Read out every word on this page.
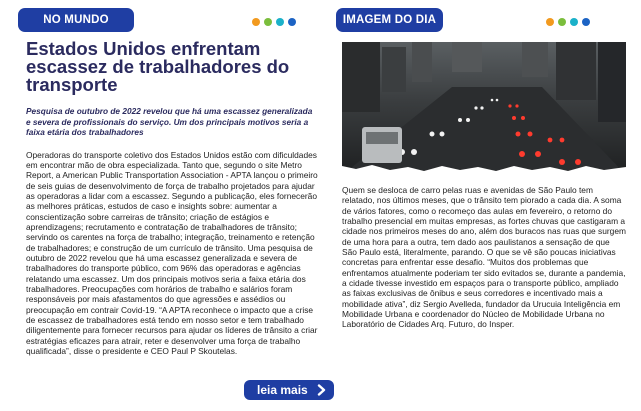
NO MUNDO
Estados Unidos enfrentam escassez de trabalhadores do transporte

Pesquisa de outubro de 2022 revelou que há uma escassez generalizada e severa de profissionais do serviço. Um dos principais motivos seria a faixa etária dos trabalhadores

Operadoras do transporte coletivo dos Estados Unidos estão com dificuldades em encontrar mão de obra especializada. Tanto que, segundo o site Metro Report, a American Public Transportation Association - APTA lançou o primeiro de seis guias de desenvolvimento de força de trabalho projetados para ajudar as operadoras a lidar com a escassez. Segundo a publicação, eles fornecerão as melhores práticas, estudos de caso e insights sobre: aumentar a conscientização sobre carreiras de trânsito; criação de estágios e aprendizagens; recrutamento e contratação de trabalhadores de trânsito; servindo os carentes na força de trabalho; integração, treinamento e retenção de trabalhadores; e construção de um currículo de trânsito. Uma pesquisa de outubro de 2022 revelou que há uma escassez generalizada e severa de trabalhadores do transporte público, com 96% das operadoras e agências relatando uma escassez. Um dos principais motivos seria a faixa etária dos trabalhadores. Preocupações com horários de trabalho e salários foram responsáveis por mais afastamentos do que agressões e assédios ou preocupação em contrair Covid-19. “A APTA reconhece o impacto que a crise de escassez de trabalhadores está tendo em nosso setor e tem trabalhado diligentemente para fornecer recursos para ajudar os líderes de trânsito a criar estratégias eficazes para atrair, reter e desenvolver uma força de trabalho qualificada”, disse o presidente e CEO Paul P Skoutelas.

leia mais
IMAGEM DO DIA

Quem se desloca de carro pelas ruas e avenidas de São Paulo tem relatado, nos últimos meses, que o trânsito tem piorado a cada dia. A soma de vários fatores, como o recomeço das aulas em fevereiro, o retorno do trabalho presencial em muitas empresas, as fortes chuvas que castigaram a cidade nos primeiros meses do ano, além dos buracos nas ruas que surgem de uma hora para a outra, tem dado aos paulistanos a sensação de que São Paulo está, literalmente, parando. O que se vê são poucas iniciativas concretas para enfrentar esse desafio. “Muitos dos problemas que enfrentamos atualmente poderiam ter sido evitados se, durante a pandemia, a cidade tivesse investido em espaços para o transporte público, ampliado as faixas exclusivas de ônibus e seus corredores e incentivado mais a mobilidade ativa”, diz Sergio Avelleda, fundador da Urucuia Inteligência em Mobilidade Urbana e coordenador do Núcleo de Mobilidade Urbana no Laboratório de Cidades Arq. Futuro, do Insper.
